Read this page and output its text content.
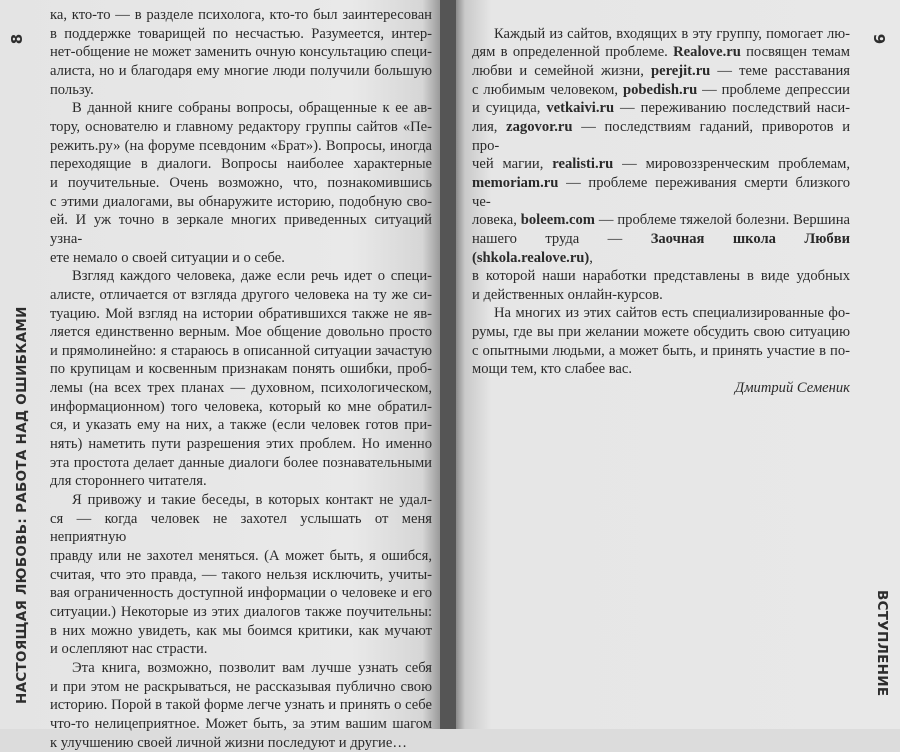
ка, кто-то — в разделе психолога, кто-то был заинтересован
в поддержке товарищей по несчастью. Разумеется, интер-
нет-общение не может заменить очную консультацию специ-
алиста, но и благодаря ему многие люди получили большую
пользу.
В данной книге собраны вопросы, обращенные к ее ав-
тору, основателю и главному редактору группы сайтов «Пе-
режить.ру» (на форуме псевдоним «Брат»). Вопросы, иногда
переходящие в диалоги. Вопросы наиболее характерные
и поучительные. Очень возможно, что, познакомившись
с этими диалогами, вы обнаружите историю, подобную сво-
ей. И уж точно в зеркале многих приведенных ситуаций узна-
ете немало о своей ситуации и о себе.
Взгляд каждого человека, даже если речь идет о специ-
алисте, отличается от взгляда другого человека на ту же си-
туацию. Мой взгляд на истории обратившихся также не яв-
ляется единственно верным. Мое общение довольно просто
и прямолинейно: я стараюсь в описанной ситуации зачастую
по крупицам и косвенным признакам понять ошибки, проб-
лемы (на всех трех планах — духовном, психологическом,
информационном) того человека, который ко мне обратил-
ся, и указать ему на них, а также (если человек готов при-
нять) наметить пути разрешения этих проблем. Но именно
эта простота делает данные диалоги более познавательными
для стороннего читателя.
Я привожу и такие беседы, в которых контакт не удал-
ся — когда человек не захотел услышать от меня неприятную
правду или не захотел меняться. (А может быть, я ошибся,
считая, что это правда, — такого нельзя исключить, учиты-
вая ограниченность доступной информации о человеке и его
ситуации.) Некоторые из этих диалогов также поучительны:
в них можно увидеть, как мы боимся критики, как мучают
и ослепляют нас страсти.
Эта книга, возможно, позволит вам лучше узнать себя
и при этом не раскрываться, не рассказывая публично свою
историю. Порой в такой форме легче узнать и принять о себе
что-то нелицеприятное. Может быть, за этим вашим шагом
к улучшению своей личной жизни последуют и другие…
Каждый из сайтов, входящих в эту группу, помогает лю-
дям в определенной проблеме. Realove.ru посвящен темам
любви и семейной жизни, perejit.ru — теме расставания
с любимым человеком, pobedish.ru — проблеме депрессии
и суицида, vetkaivi.ru — переживанию последствий наси-
лия, zagovor.ru — последствиям гаданий, приворотов и про-
чей магии, realisti.ru — мировоззренческим проблемам,
memoriam.ru — проблеме переживания смерти близкого че-
ловека, boleem.com — проблеме тяжелой болезни. Вершина
нашего труда — Заочная школа Любви (shkola.realove.ru),
в которой наши наработки представлены в виде удобных
и действенных онлайн-курсов.
На многих из этих сайтов есть специализированные фо-
румы, где вы при желании можете обсудить свою ситуацию
с опытными людьми, а может быть, и принять участие в по-
мощи тем, кто слабее вас.
Дмитрий Семеник
8
НАСТОЯЩАЯ ЛЮБОВЬ: РАБОТА НАД ОШИБКАМИ
9
ВСТУПЛЕНИЕ
